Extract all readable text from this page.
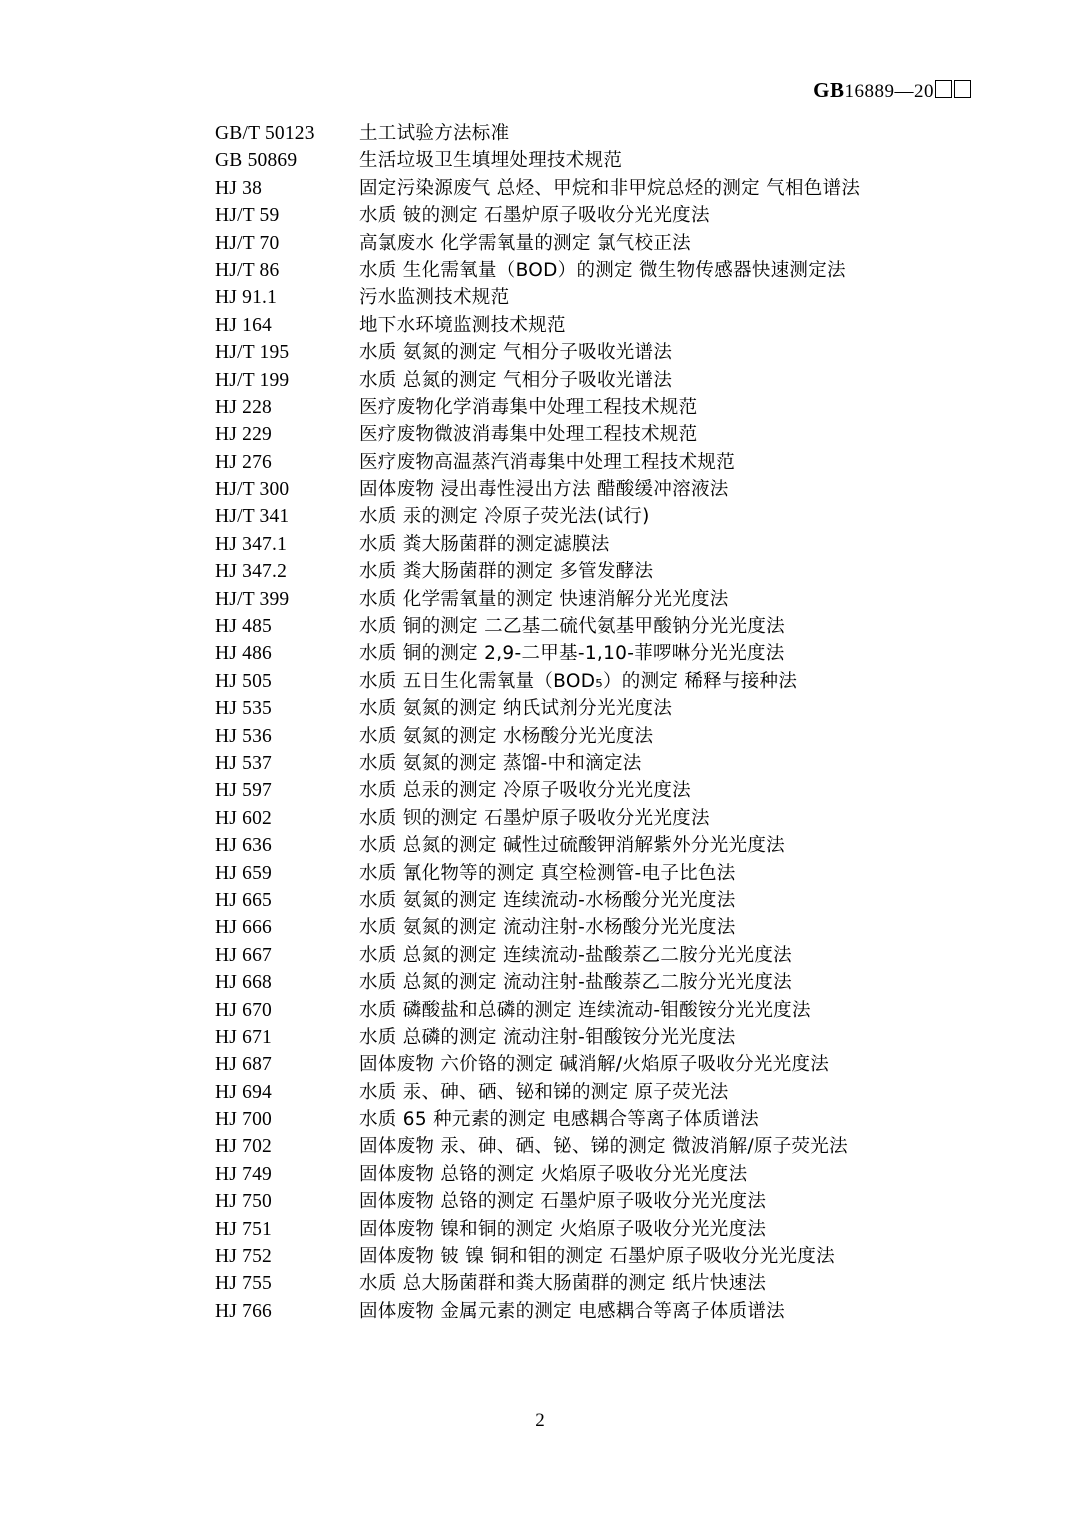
GB16889—20
GB/T 50123	土工试验方法标准
GB 50869	生活垃圾卫生填埋处理技术规范
HJ 38	固定污染源废气 总烃、甲烷和非甲烷总烃的测定 气相色谱法
HJ/T 59	水质 铍的测定 石墨炉原子吸收分光光度法
HJ/T 70	高氯废水 化学需氧量的测定 氯气校正法
HJ/T 86	水质 生化需氧量（BOD）的测定 微生物传感器快速测定法
HJ 91.1	污水监测技术规范
HJ 164	地下水环境监测技术规范
HJ/T 195	水质 氨氮的测定 气相分子吸收光谱法
HJ/T 199	水质 总氮的测定 气相分子吸收光谱法
HJ 228	医疗废物化学消毒集中处理工程技术规范
HJ 229	医疗废物微波消毒集中处理工程技术规范
HJ 276	医疗废物高温蒸汽消毒集中处理工程技术规范
HJ/T 300	固体废物 浸出毒性浸出方法 醋酸缓冲溶液法
HJ/T 341	水质 汞的测定 冷原子荧光法(试行)
HJ 347.1	水质 粪大肠菌群的测定滤膜法
HJ 347.2	水质 粪大肠菌群的测定 多管发酵法
HJ/T 399	水质 化学需氧量的测定 快速消解分光光度法
HJ 485	水质 铜的测定 二乙基二硫代氨基甲酸钠分光光度法
HJ 486	水质 铜的测定 2,9-二甲基-1,10-菲啰啉分光光度法
HJ 505	水质 五日生化需氧量（BOD₅）的测定 稀释与接种法
HJ 535	水质 氨氮的测定 纳氏试剂分光光度法
HJ 536	水质 氨氮的测定 水杨酸分光光度法
HJ 537	水质 氨氮的测定 蒸馏-中和滴定法
HJ 597	水质 总汞的测定 冷原子吸收分光光度法
HJ 602	水质 钡的测定 石墨炉原子吸收分光光度法
HJ 636	水质 总氮的测定 碱性过硫酸钾消解紫外分光光度法
HJ 659	水质 氰化物等的测定 真空检测管-电子比色法
HJ 665	水质 氨氮的测定 连续流动-水杨酸分光光度法
HJ 666	水质 氨氮的测定 流动注射-水杨酸分光光度法
HJ 667	水质 总氮的测定 连续流动-盐酸萘乙二胺分光光度法
HJ 668	水质 总氮的测定 流动注射-盐酸萘乙二胺分光光度法
HJ 670	水质 磷酸盐和总磷的测定 连续流动-钼酸铵分光光度法
HJ 671	水质 总磷的测定 流动注射-钼酸铵分光光度法
HJ 687	固体废物 六价铬的测定 碱消解/火焰原子吸收分光光度法
HJ 694	水质 汞、砷、硒、铋和锑的测定 原子荧光法
HJ 700	水质 65 种元素的测定 电感耦合等离子体质谱法
HJ 702	固体废物 汞、砷、硒、铋、锑的测定 微波消解/原子荧光法
HJ 749	固体废物 总铬的测定 火焰原子吸收分光光度法
HJ 750	固体废物 总铬的测定 石墨炉原子吸收分光光度法
HJ 751	固体废物 镍和铜的测定 火焰原子吸收分光光度法
HJ 752	固体废物 铍 镍 铜和钼的测定 石墨炉原子吸收分光光度法
HJ 755	水质 总大肠菌群和粪大肠菌群的测定 纸片快速法
HJ 766	固体废物 金属元素的测定 电感耦合等离子体质谱法
2
